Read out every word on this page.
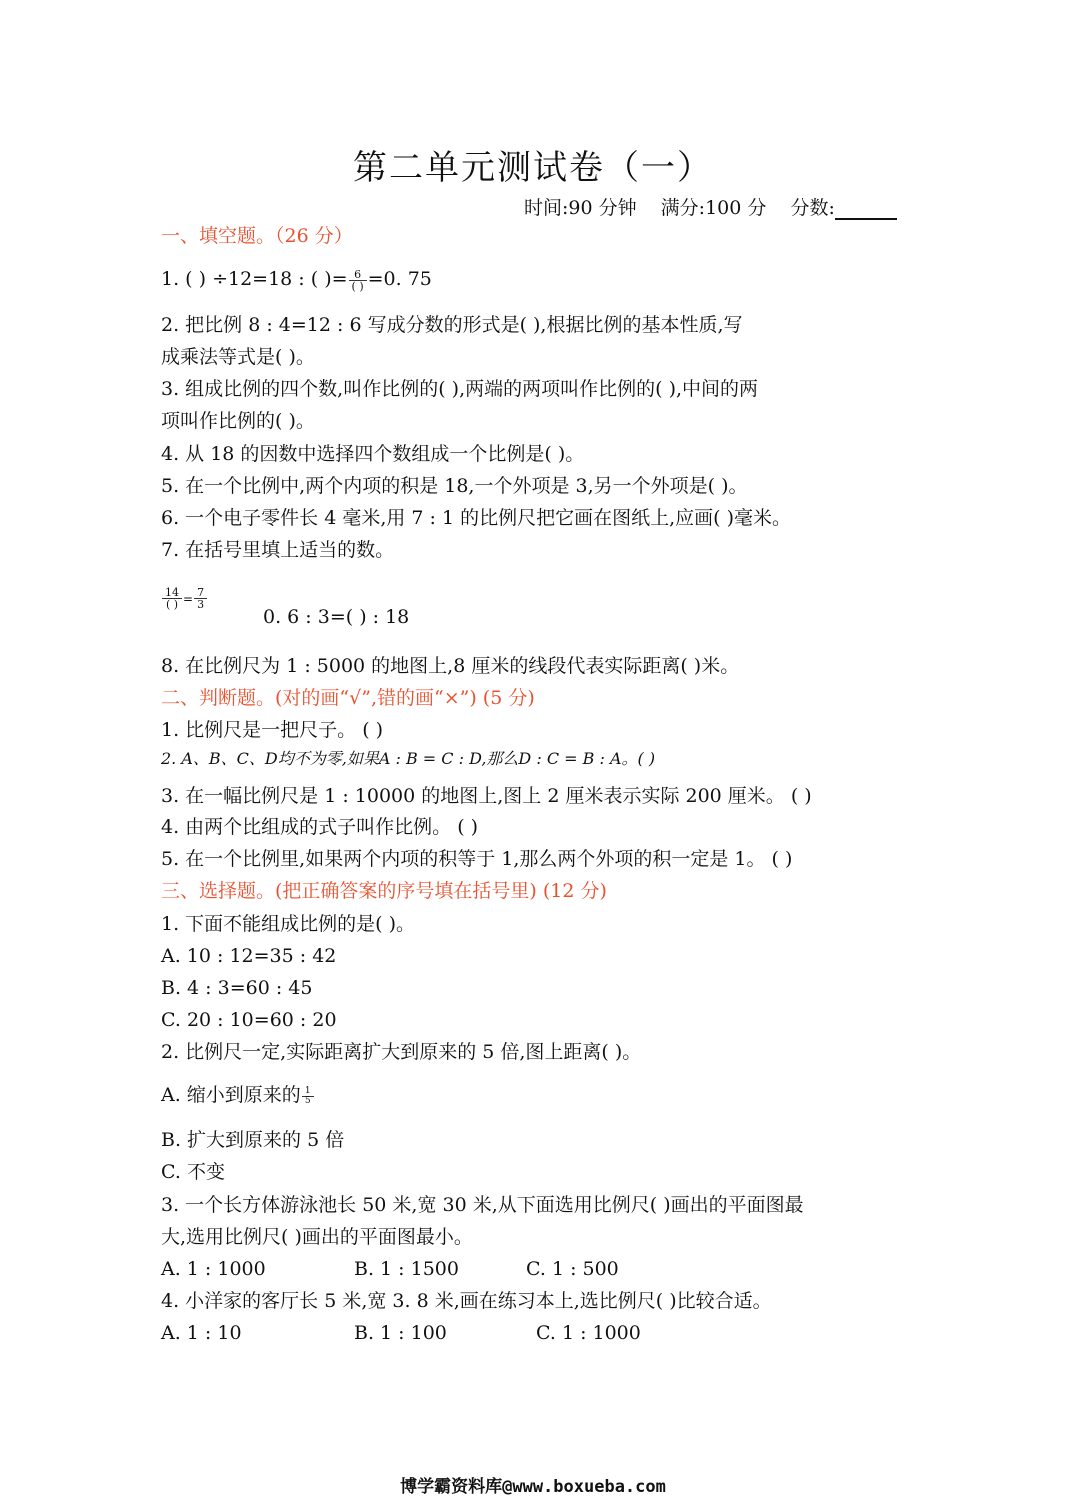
第二单元测试卷（一）
时间:90 分钟 满分:100 分 分数:
一、填空题。（26 分）
1. ( ) ÷12=18 : ( )= $\frac{6}{( )} =0$. 75
2. 把比例 8 : 4=12 : 6 写成分数的形式是( ),根据比例的基本性质,写
成乘法等式是( )。
3. 组成比例的四个数,叫作比例的( ),两端的两项叫作比例的( ),中间的两
项叫作比例的( )。
4. 从 18 的因数中选择四个数组成一个比例是( )。
5. 在一个比例中,两个内项的积是 18,一个外项是 3,另一个外项是( )。
6. 一个电子零件长 4 毫米,用 7 : 1 的比例尺把它画在图纸上,应画( )毫米。
7. 在括号里填上适当的数。
$\frac{14}{( )} = \frac{7}{3}$
0. 6 : 3=( ) : 18
8. 在比例尺为 1 : 5000 的地图上,8 厘米的线段代表实际距离( )米。
二、判断题。(对的画“√”,错的画“×”) (5 分)
1. 比例尺是一把尺子。 ( )
2. A、B、C、D均不为零,如果A : B = C : D,那么D : C = B : A。( )
3. 在一幅比例尺是 1 : 10000 的地图上,图上 2 厘米表示实际 200 厘米。 ( )
4. 由两个比组成的式子叫作比例。 ( )
5. 在一个比例里,如果两个内项的积等于 1,那么两个外项的积一定是 1。 ( )
三、选择题。(把正确答案的序号填在括号里) (12 分)
1. 下面不能组成比例的是( )。
A. 10 : 12=35 : 42
B. 4 : 3=60 : 45
C. 20 : 10=60 : 20
2. 比例尺一定,实际距离扩大到原来的 5 倍,图上距离( )。
A. 缩小到原来的 $\frac{1}{5}$
B. 扩大到原来的 5 倍
C. 不变
3. 一个长方体游泳池长 50 米,宽 30 米,从下面选用比例尺( )画出的平面图最
大,选用比例尺( )画出的平面图最小。
A. 1 : 1000	B. 1 : 1500	C. 1 : 500
4. 小洋家的客厅长 5 米,宽 3. 8 米,画在练习本上,选比例尺( )比较合适。
A. 1 : 10	B. 1 : 100	C. 1 : 1000
博学霸资料库@www.boxueba.com
